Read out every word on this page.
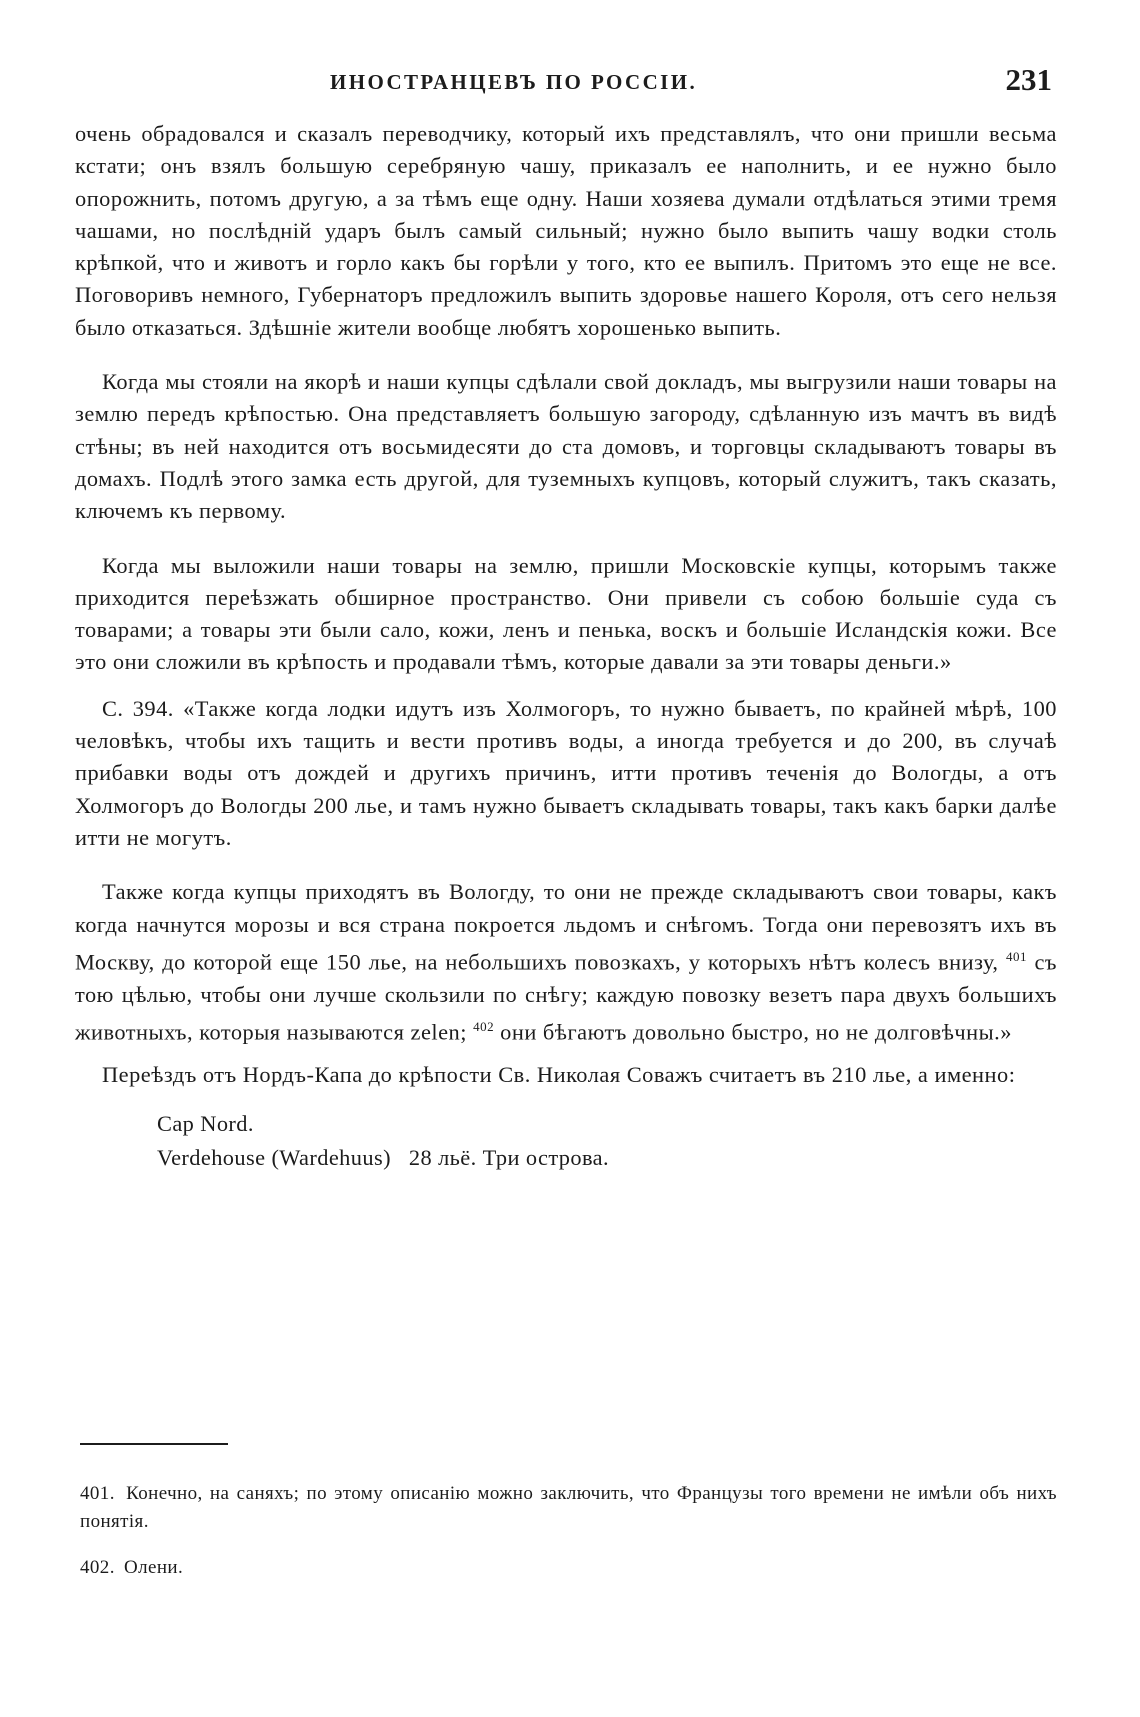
ИНОСТРАНЦЕВЪ ПО РОССІИ.	231

очень обрадовался и сказалъ переводчику, который ихъ представлялъ, что они пришли весьма кстати; онъ взялъ большую серебряную чашу, приказалъ ее наполнить, и ее нужно было опорожнить, потомъ другую, а за тѣмъ еще одну. Наши хозяева думали отдѣлаться этими тремя чашами, но послѣдній ударъ былъ самый сильный; нужно было выпить чашу водки столь крѣпкой, что и животъ и горло какъ бы горѣли у того, кто ее выпилъ. Притомъ это еще не все. Поговоривъ немного, Губернаторъ предложилъ выпить здоровье нашего Короля, отъ сего нельзя было отказаться. Здѣшніе жители вообще любятъ хорошенько выпить.

Когда мы стояли на якорѣ и наши купцы сдѣлали свой докладъ, мы выгрузили наши товары на землю передъ крѣпостью. Она представляетъ большую загороду, сдѣланную изъ мачтъ въ видѣ стѣны; въ ней находится отъ восьмидесяти до ста домовъ, и торговцы складываютъ товары въ домахъ. Подлѣ этого замка есть другой, для туземныхъ купцовъ, который служитъ, такъ сказать, ключемъ къ первому.

Когда мы выложили наши товары на землю, пришли Московскіе купцы, которымъ также приходится переѣзжать обширное пространство. Они привели съ собою большіе суда съ товарами; а товары эти были сало, кожи, ленъ и пенька, воскъ и большіе Исландскія кожи. Все это они сложили въ крѣпость и продавали тѣмъ, которые давали за эти товары деньги.»

С. 394. «Также когда лодки идутъ изъ Холмогоръ, то нужно бываетъ, по крайней мѣрѣ, 100 человѣкъ, чтобы ихъ тащить и вести противъ воды, а иногда требуется и до 200, въ случаѣ прибавки воды отъ дождей и другихъ причинъ, итти противъ теченія до Вологды, а отъ Холмогоръ до Вологды 200 лье, и тамъ нужно бываетъ складывать товары, такъ какъ барки далѣе итти не могутъ.

Также когда купцы приходятъ въ Вологду, то они не прежде складываютъ свои товары, какъ когда начнутся морозы и вся страна покроется льдомъ и снѣгомъ. Тогда они перевозятъ ихъ въ Москву, до которой еще 150 лье, на небольшихъ повозкахъ, у которыхъ нѣтъ колесъ внизу, $^{401}$ съ тою цѣлью, чтобы они лучше скользили по снѣгу; каждую повозку везетъ пара двухъ большихъ животныхъ, которыя называются zelen; $^{402}$ они бѣгаютъ довольно быстро, но не долговѣчны.»

Переѣздъ отъ Нордъ-Капа до крѣпости Св. Николая Соважъ считаетъ въ 210 лье, а именно:

Cap Nord.
Verdehouse (Wardehuus)   28 льё. Три острова.

401. Конечно, на саняхъ; по этому описанію можно заключить, что Французы того времени не имѣли объ нихъ понятія.

402. Олени.
